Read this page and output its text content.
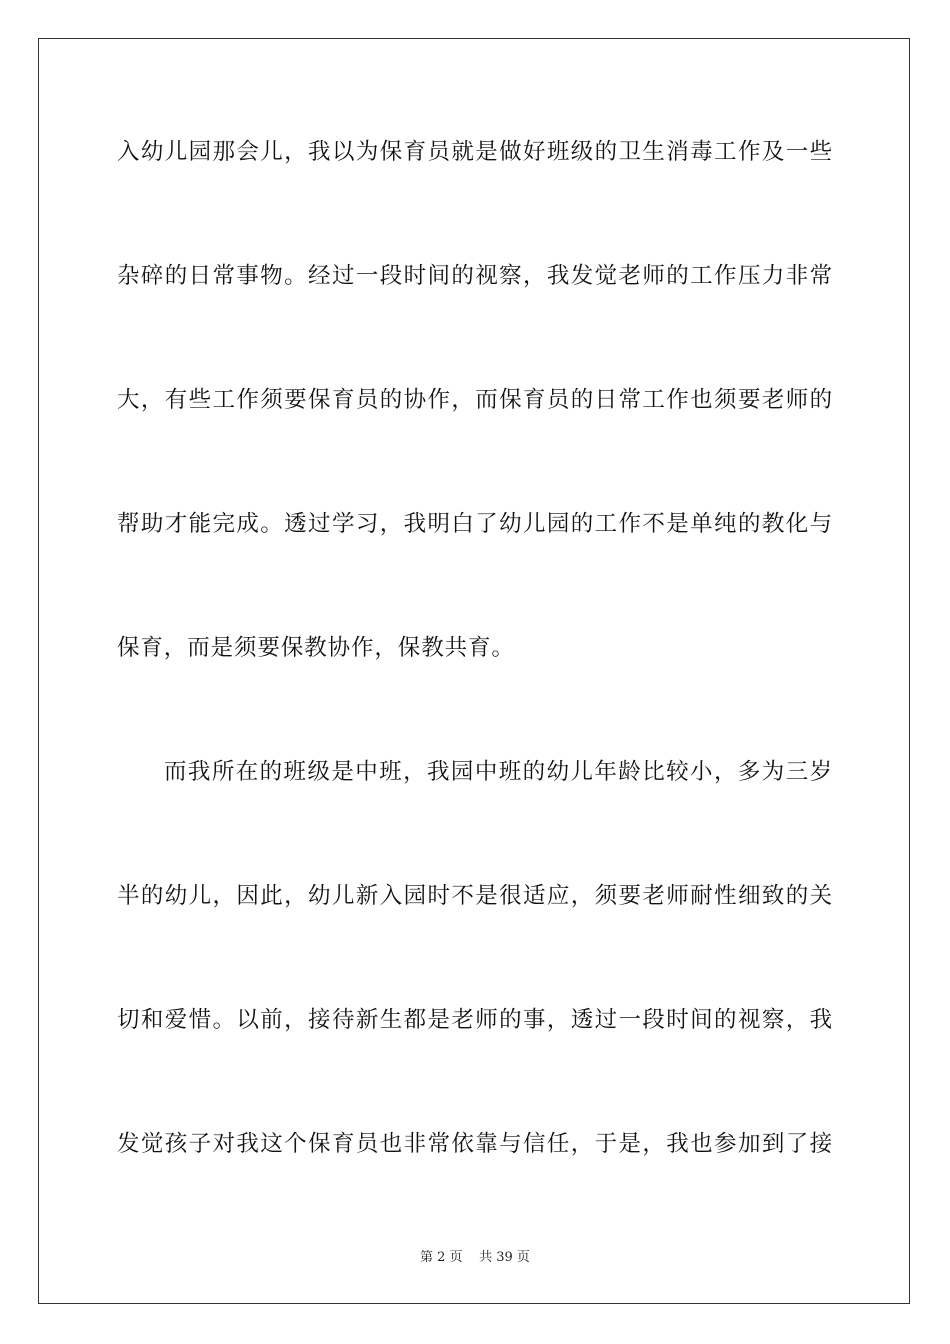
入幼儿园那会儿，我以为保育员就是做好班级的卫生消毒工作及一些
杂碎的日常事物。经过一段时间的视察，我发觉老师的工作压力非常
大，有些工作须要保育员的协作，而保育员的日常工作也须要老师的
帮助才能完成。透过学习，我明白了幼儿园的工作不是单纯的教化与
保育，而是须要保教协作，保教共育。
而我所在的班级是中班，我园中班的幼儿年龄比较小，多为三岁
半的幼儿，因此，幼儿新入园时不是很适应，须要老师耐性细致的关
切和爱惜。以前，接待新生都是老师的事，透过一段时间的视察，我
发觉孩子对我这个保育员也非常依靠与信任，于是，我也参加到了接
第 2 页 共 39 页
